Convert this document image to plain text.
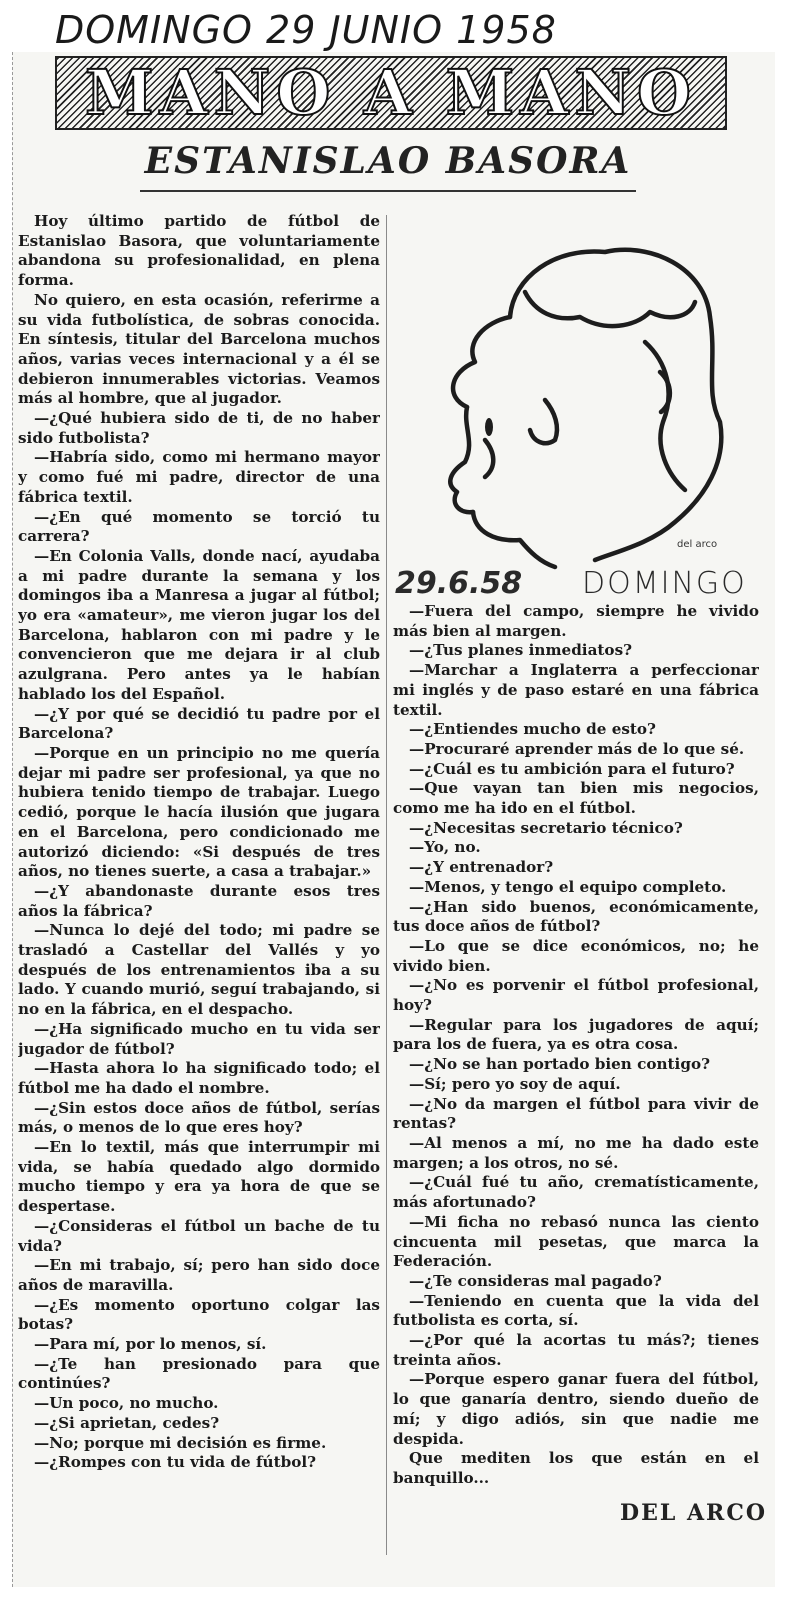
DOMINGO 29 JUNIO 1958
MANO A MANO
ESTANISLAO BASORA

Hoy último partido de fútbol de Estanislao Basora, que voluntariamente abandona su profesionalidad, en plena forma.

No quiero, en esta ocasión, referirme a su vida futbolística, de sobras conocida. En síntesis, titular del Barcelona muchos años, varias veces internacional y a él se debieron innumerables victorias. Veamos más al hombre, que al jugador.

—¿Qué hubiera sido de ti, de no haber sido futbolista?

—Habría sido, como mi hermano mayor y como fué mi padre, director de una fábrica textil.

—¿En qué momento se torció tu carrera?

—En Colonia Valls, donde nací, ayudaba a mi padre durante la semana y los domingos iba a Manresa a jugar al fútbol; yo era «amateur», me vieron jugar los del Barcelona, hablaron con mi padre y le convencieron que me dejara ir al club azulgrana. Pero antes ya le habían hablado los del Español.

—¿Y por qué se decidió tu padre por el Barcelona?

—Porque en un principio no me quería dejar mi padre ser profesional, ya que no hubiera tenido tiempo de trabajar. Luego cedió, porque le hacía ilusión que jugara en el Barcelona, pero condicionado me autorizó diciendo: «Si después de tres años, no tienes suerte, a casa a trabajar.»

—¿Y abandonaste durante esos tres años la fábrica?

—Nunca lo dejé del todo; mi padre se trasladó a Castellar del Vallés y yo después de los entrenamientos iba a su lado. Y cuando murió, seguí trabajando, si no en la fábrica, en el despacho.

—¿Ha significado mucho en tu vida ser jugador de fútbol?

—Hasta ahora lo ha significado todo; el fútbol me ha dado el nombre.

—¿Sin estos doce años de fútbol, serías más, o menos de lo que eres hoy?

—En lo textil, más que interrumpir mi vida, se había quedado algo dormido mucho tiempo y era ya hora de que se despertase.

—¿Consideras el fútbol un bache de tu vida?

—En mi trabajo, sí; pero han sido doce años de maravilla.

—¿Es momento oportuno colgar las botas?

—Para mí, por lo menos, sí.

—¿Te han presionado para que continúes?

—Un poco, no mucho.

—¿Si aprietan, cedes?

—No; porque mi decisión es firme.

—¿Rompes con tu vida de fútbol?

del arco
29.6.58 DOMINGO

—Fuera del campo, siempre he vivido más bien al margen.

—¿Tus planes inmediatos?

—Marchar a Inglaterra a perfeccionar mi inglés y de paso estaré en una fábrica textil.

—¿Entiendes mucho de esto?

—Procuraré aprender más de lo que sé.

—¿Cuál es tu ambición para el futuro?

—Que vayan tan bien mis negocios, como me ha ido en el fútbol.

—¿Necesitas secretario técnico?

—Yo, no.

—¿Y entrenador?

—Menos, y tengo el equipo completo.

—¿Han sido buenos, económicamente, tus doce años de fútbol?

—Lo que se dice económicos, no; he vivido bien.

—¿No es porvenir el fútbol profesional, hoy?

—Regular para los jugadores de aquí; para los de fuera, ya es otra cosa.

—¿No se han portado bien contigo?

—Sí; pero yo soy de aquí.

—¿No da margen el fútbol para vivir de rentas?

—Al menos a mí, no me ha dado este margen; a los otros, no sé.

—¿Cuál fué tu año, crematísticamente, más afortunado?

—Mi ficha no rebasó nunca las ciento cincuenta mil pesetas, que marca la Federación.

—¿Te consideras mal pagado?

—Teniendo en cuenta que la vida del futbolista es corta, sí.

—¿Por qué la acortas tu más?; tienes treinta años.

—Porque espero ganar fuera del fútbol, lo que ganaría dentro, siendo dueño de mí; y digo adiós, sin que nadie me despida.

Que mediten los que están en el banquillo...

DEL ARCO
